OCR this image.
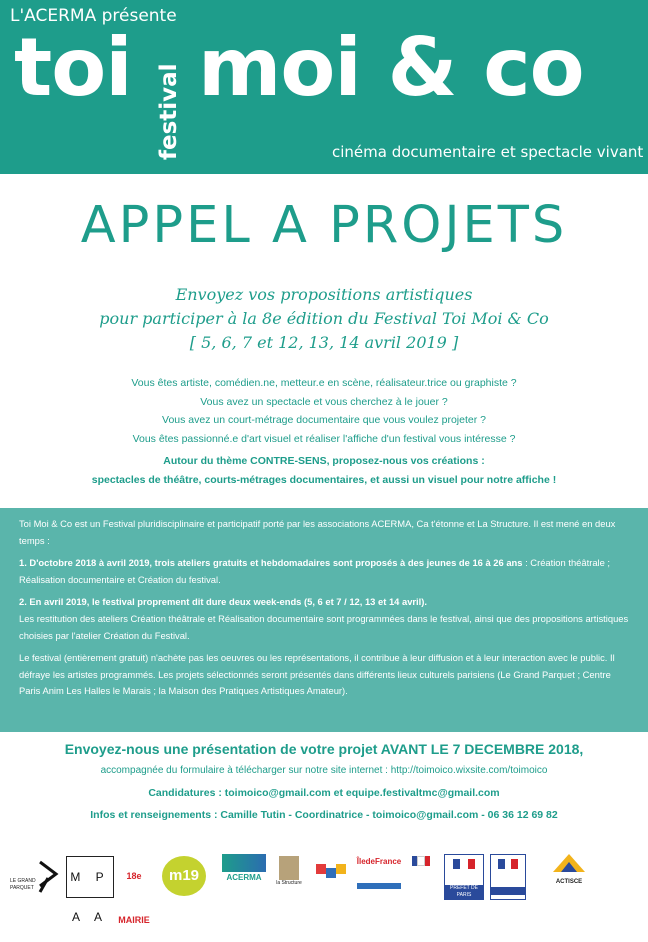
L'ACERMA présente
toi festival moi & co
cinéma documentaire et spectacle vivant
APPEL A PROJETS
Envoyez vos propositions artistiques
pour participer à la 8e édition du Festival Toi Moi & Co
[ 5, 6, 7 et 12, 13, 14 avril 2019 ]
Vous êtes artiste, comédien.ne, metteur.e en scène, réalisateur.trice ou graphiste ?
Vous avez un spectacle et vous cherchez à le jouer ?
Vous avez un court-métrage documentaire que vous voulez projeter ?
Vous êtes passionné.e d'art visuel et réaliser l'affiche d'un festival vous intéresse ?
Autour du thème CONTRE-SENS, proposez-nous vos créations :
spectacles de théâtre, courts-métrages documentaires, et aussi un visuel pour notre affiche !

Toi Moi & Co est un Festival pluridisciplinaire et participatif porté par les associations ACERMA, Ca t'étonne et La Structure. Il est mené en deux temps :

1. D'octobre 2018 à avril 2019, trois ateliers gratuits et hebdomadaires sont proposés à des jeunes de 16 à 26 ans : Création théâtrale ; Réalisation documentaire et Création du festival.

2. En avril 2019, le festival proprement dit dure deux week-ends (5, 6 et 7 / 12, 13 et 14 avril).
Les restitution des ateliers Création théâtrale et Réalisation documentaire sont programmées dans le festival, ainsi que des propositions artistiques choisies par l'atelier Création du Festival.

Le festival (entièrement gratuit) n'achète pas les oeuvres ou les représentations, il contribue à leur diffusion et à leur interaction avec le public. Il défraye les artistes programmés. Les projets sélectionnés seront présentés dans différents lieux culturels parisiens (Le Grand Parquet ; Centre Paris Anim Les Halles le Marais ; la Maison des Pratiques Artistiques Amateur).

Envoyez-nous une présentation de votre projet AVANT LE 7 DECEMBRE 2018,
accompagnée du formulaire à télécharger sur notre site internet : http://toimoico.wixsite.com/toimoico
Candidatures : toimoico@gmail.com et equipe.festivaltmc@gmail.com
Infos et renseignements : Camille Tutin - Coordinatrice - toimoico@gmail.com - 06 36 12 69 82
LE GRAND PARQUET
M P A A
18e MAIRIE
m19	ACERMA
la Structure
ÎledeFrance
PRÉFET DE PARIS
ACTISCE
